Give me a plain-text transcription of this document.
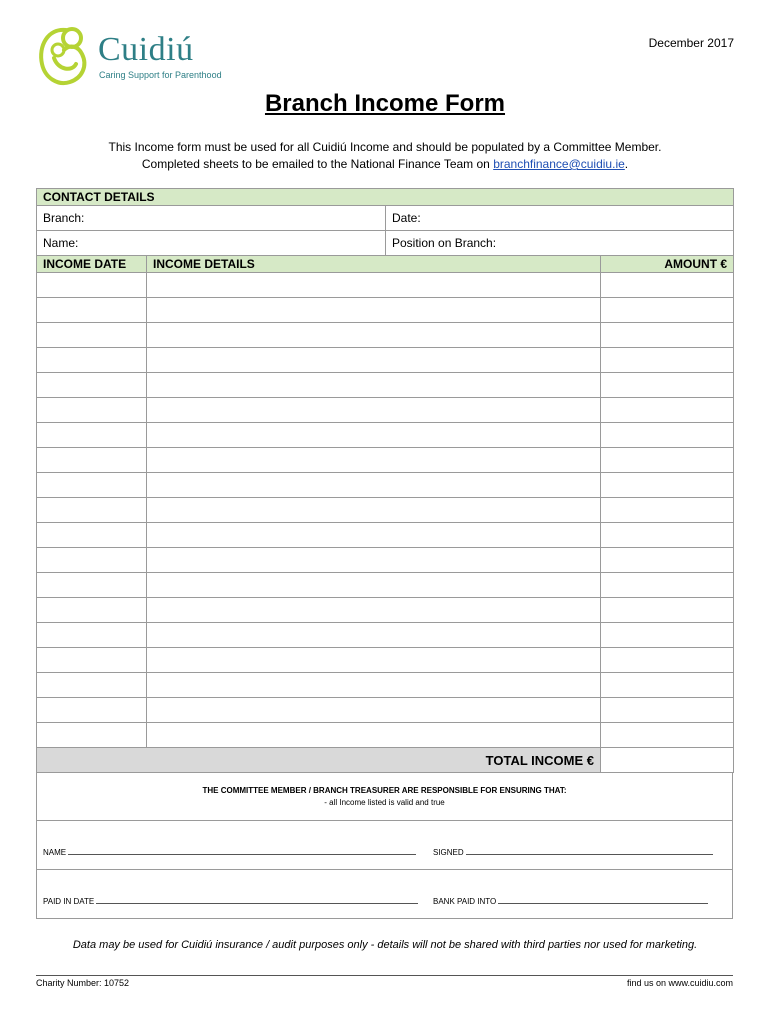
Cuidiú
Caring Support for Parenthood
December 2017
Branch Income Form
This Income form must be used for all Cuidiú Income and should be populated by a Committee Member.
Completed sheets to be emailed to the National Finance Team on branchfinance@cuidiu.ie.
CONTACT DETAILS			
Branch:		Date:	
Name:		Position on Branch:	
INCOME DATE	INCOME DETAILS		AMOUNT €

TOTAL INCOME €			
THE COMMITTEE MEMBER / BRANCH TREASURER ARE RESPONSIBLE FOR ENSURING THAT:
- all Income listed is valid and true
NAME	SIGNED
PAID IN DATE	BANK PAID INTO
Data may be used for Cuidiú insurance / audit purposes only - details will not be shared with third parties nor used for marketing.
Charity Number: 10752	find us on www.cuidiu.com
